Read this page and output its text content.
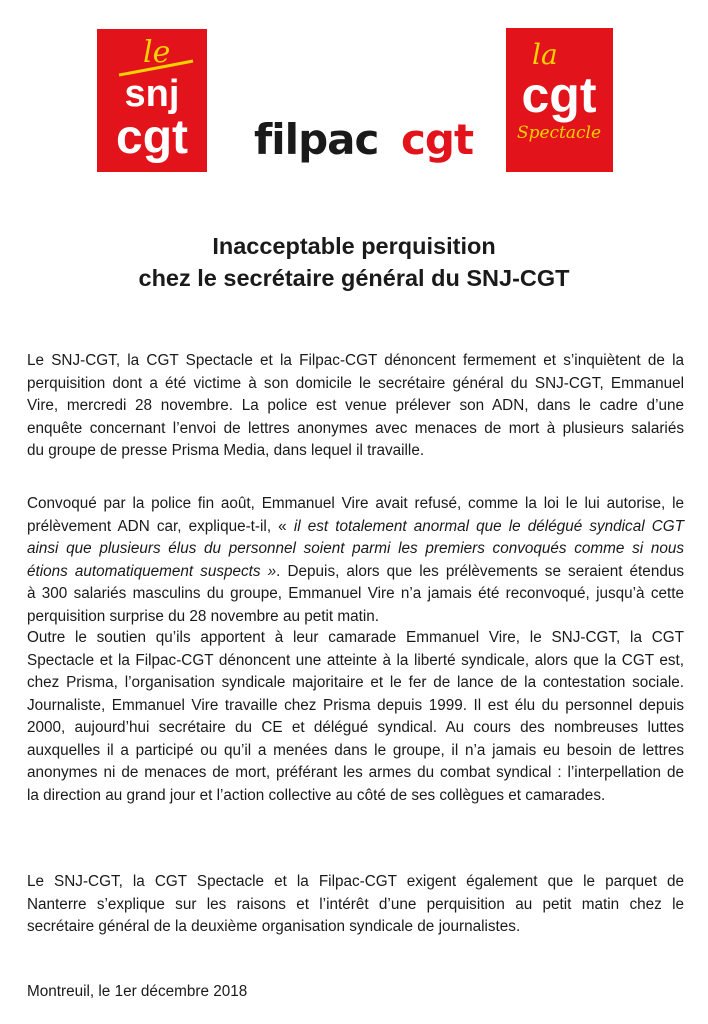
le
snj
cgt filpac cgt
la
cgt
Spectacle
Inacceptable perquisition
chez le secrétaire général du SNJ-CGT
Le SNJ-CGT, la CGT Spectacle et la Filpac-CGT dénoncent fermement et s’inquiètent de la
perquisition dont a été victime à son domicile le secrétaire général du SNJ-CGT, Emmanuel
Vire, mercredi 28 novembre. La police est venue prélever son ADN, dans le cadre d’une
enquête concernant l’envoi de lettres anonymes avec menaces de mort à plusieurs salariés
du groupe de presse Prisma Media, dans lequel il travaille.
Convoqué par la police fin août, Emmanuel Vire avait refusé, comme la loi le lui autorise, le
prélèvement ADN car, explique-t-il, « il est totalement anormal que le délégué syndical CGT
ainsi que plusieurs élus du personnel soient parmi les premiers convoqués comme si nous
étions automatiquement suspects ». Depuis, alors que les prélèvements se seraient étendus
à 300 salariés masculins du groupe, Emmanuel Vire n’a jamais été reconvoqué, jusqu’à cette
perquisition surprise du 28 novembre au petit matin.
Outre le soutien qu’ils apportent à leur camarade Emmanuel Vire, le SNJ-CGT, la CGT
Spectacle et la Filpac-CGT dénoncent une atteinte à la liberté syndicale, alors que la CGT est,
chez Prisma, l’organisation syndicale majoritaire et le fer de lance de la contestation sociale.
Journaliste, Emmanuel Vire travaille chez Prisma depuis 1999. Il est élu du personnel depuis
2000, aujourd’hui secrétaire du CE et délégué syndical. Au cours des nombreuses luttes
auxquelles il a participé ou qu’il a menées dans le groupe, il n’a jamais eu besoin de lettres
anonymes ni de menaces de mort, préférant les armes du combat syndical : l’interpellation de
la direction au grand jour et l’action collective au côté de ses collègues et camarades.
Le SNJ-CGT, la CGT Spectacle et la Filpac-CGT exigent également que le parquet de
Nanterre s’explique sur les raisons et l’intérêt d’une perquisition au petit matin chez le
secrétaire général de la deuxième organisation syndicale de journalistes.
Montreuil, le 1er décembre 2018
